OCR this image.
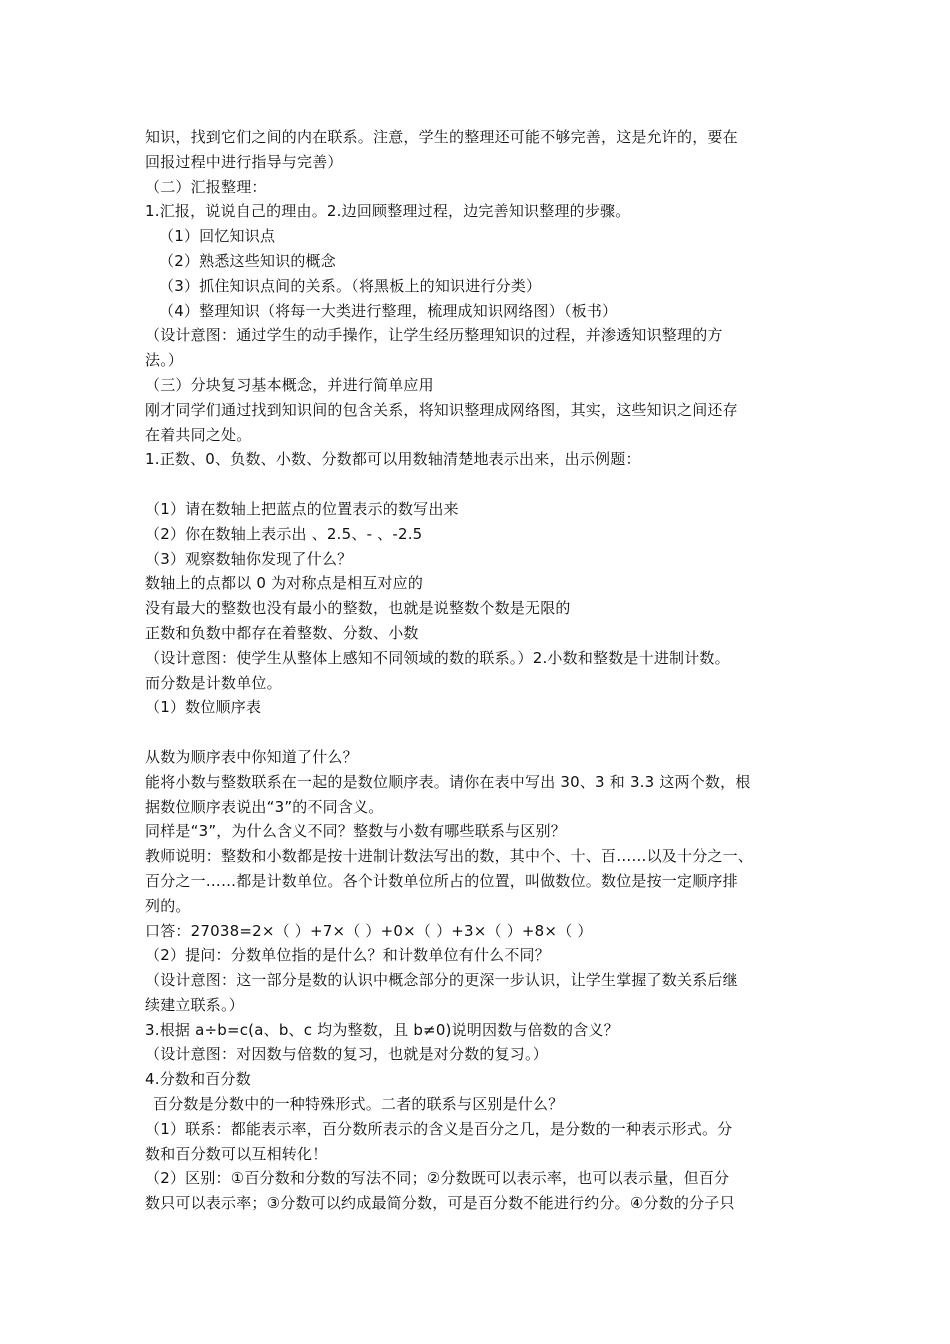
知识，找到它们之间的内在联系。注意，学生的整理还可能不够完善，这是允许的，要在
回报过程中进行指导与完善）
（二）汇报整理：
1.汇报，说说自己的理由。2.边回顾整理过程，边完善知识整理的步骤。
（1）回忆知识点
（2）熟悉这些知识的概念
（3）抓住知识点间的关系。（将黑板上的知识进行分类）
（4）整理知识（将每一大类进行整理，梳理成知识网络图）（板书）
（设计意图：通过学生的动手操作，让学生经历整理知识的过程，并渗透知识整理的方
法。）
（三）分块复习基本概念，并进行简单应用
刚才同学们通过找到知识间的包含关系，将知识整理成网络图，其实，这些知识之间还存
在着共同之处。
1.正数、0、负数、小数、分数都可以用数轴清楚地表示出来，出示例题：
（1）请在数轴上把蓝点的位置表示的数写出来
（2）你在数轴上表示出 、2.5、- 、-2.5
（3）观察数轴你发现了什么？
数轴上的点都以 0 为对称点是相互对应的
没有最大的整数也没有最小的整数，也就是说整数个数是无限的
正数和负数中都存在着整数、分数、小数
（设计意图：使学生从整体上感知不同领域的数的联系。）2.小数和整数是十进制计数。
而分数是计数单位。
（1）数位顺序表
从数为顺序表中你知道了什么？
能将小数与整数联系在一起的是数位顺序表。请你在表中写出 30、3 和 3.3 这两个数，根
据数位顺序表说出“3”的不同含义。
同样是“3”，为什么含义不同？整数与小数有哪些联系与区别？
教师说明：整数和小数都是按十进制计数法写出的数，其中个、十、百……以及十分之一、
百分之一……都是计数单位。各个计数单位所占的位置，叫做数位。数位是按一定顺序排
列的。
口答：27038=2×（ ）+7×（ ）+0×（ ）+3×（ ）+8×（ ）
（2）提问：分数单位指的是什么？和计数单位有什么不同？
（设计意图：这一部分是数的认识中概念部分的更深一步认识，让学生掌握了数关系后继
续建立联系。）
3.根据 a÷b=c(a、b、c 均为整数，且 b≠0)说明因数与倍数的含义？
（设计意图：对因数与倍数的复习，也就是对分数的复习。）
4.分数和百分数
百分数是分数中的一种特殊形式。二者的联系与区别是什么？
（1）联系：都能表示率，百分数所表示的含义是百分之几，是分数的一种表示形式。分
数和百分数可以互相转化！
（2）区别：①百分数和分数的写法不同；②分数既可以表示率，也可以表示量，但百分
数只可以表示率；③分数可以约成最简分数，可是百分数不能进行约分。④分数的分子只
